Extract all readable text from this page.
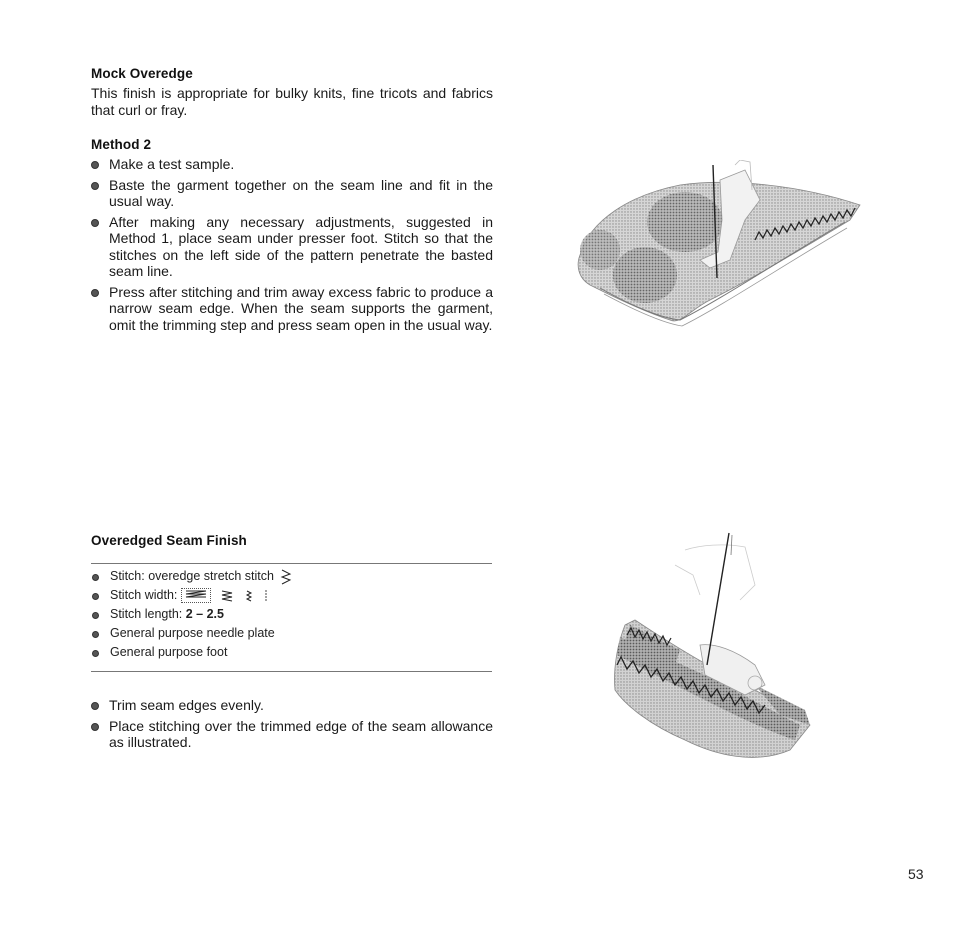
Mock Overedge

This finish is appropriate for bulky knits, fine tricots and fabrics that curl or fray.

Method 2
Make a test sample.
Baste the garment together on the seam line and fit in the usual way.
After making any necessary adjustments, suggested in Method 1, place seam under presser foot. Stitch so that the stitches on the left side of the pattern penetrate the basted seam line.
Press after stitching and trim away excess fabric to produce a narrow seam edge. When the seam supports the garment, omit the trimming step and press seam open in the usual way.
Overedged Seam Finish
Stitch: overedge stretch stitch
Stitch width:
Stitch length: 2 – 2.5
General purpose needle plate
General purpose foot
Trim seam edges evenly.
Place stitching over the trimmed edge of the seam allowance as illustrated.
53
